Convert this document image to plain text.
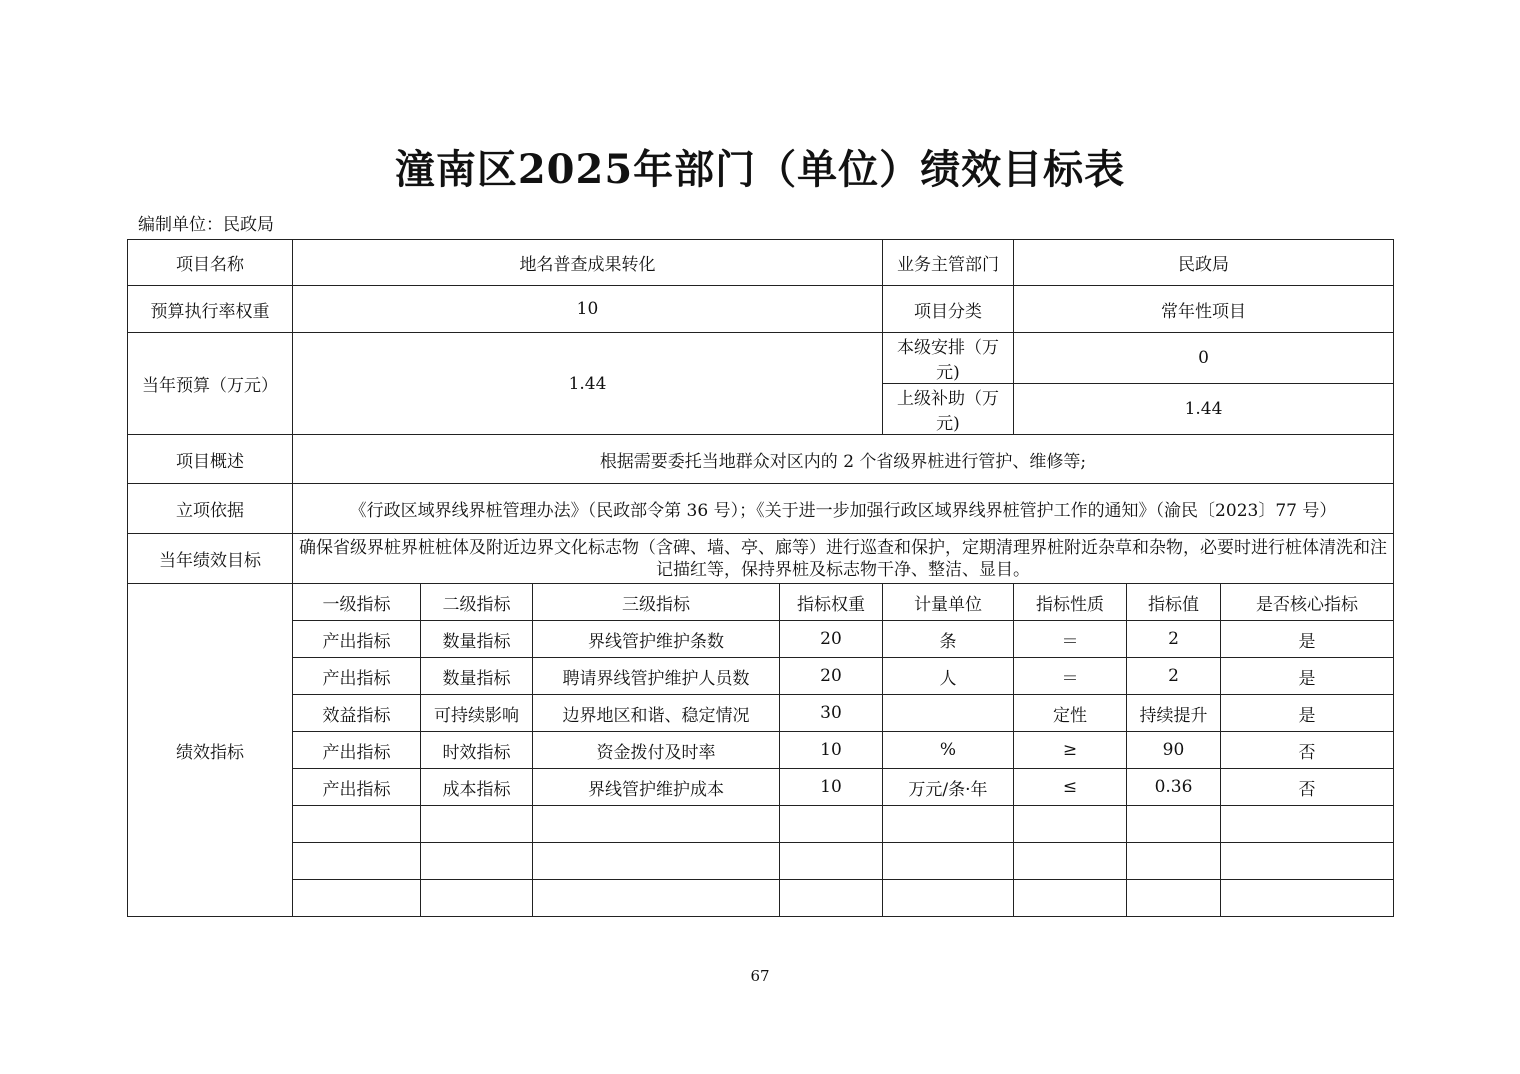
潼南区2025年部门（单位）绩效目标表
编制单位：民政局
项目名称	地名普查成果转化				业务主管部门	民政局		
预算执行率权重	10				项目分类	常年性项目		
当年预算（万元）	1.44				本级安排（万元)	0		
					上级补助（万元)	1.44		
项目概述	根据需要委托当地群众对区内的 2 个省级界桩进行管护、维修等;							
立项依据	《行政区域界线界桩管理办法》（民政部令第 36 号）；《关于进一步加强行政区域界线界桩管护工作的通知》（渝民〔2023〕77 号）							
当年绩效目标	确保省级界桩界桩桩体及附近边界文化标志物（含碑、墙、亭、廊等）进行巡查和保护，定期清理界桩附近杂草和杂物，必要时进行桩体清洗和注记描红等，保持界桩及标志物干净、整洁、显目。							
绩效指标	一级指标	二级指标	三级指标	指标权重	计量单位	指标性质	指标值	是否核心指标
	产出指标	数量指标	界线管护维护条数	20	条	＝	2	是
	产出指标	数量指标	聘请界线管护维护人员数	20	人	＝	2	是
	效益指标	可持续影响	边界地区和谐、稳定情况	30		定性	持续提升	是
	产出指标	时效指标	资金拨付及时率	10	%	≥	90	否
	产出指标	成本指标	界线管护维护成本	10	万元/条·年	≤	0.36	否

67
